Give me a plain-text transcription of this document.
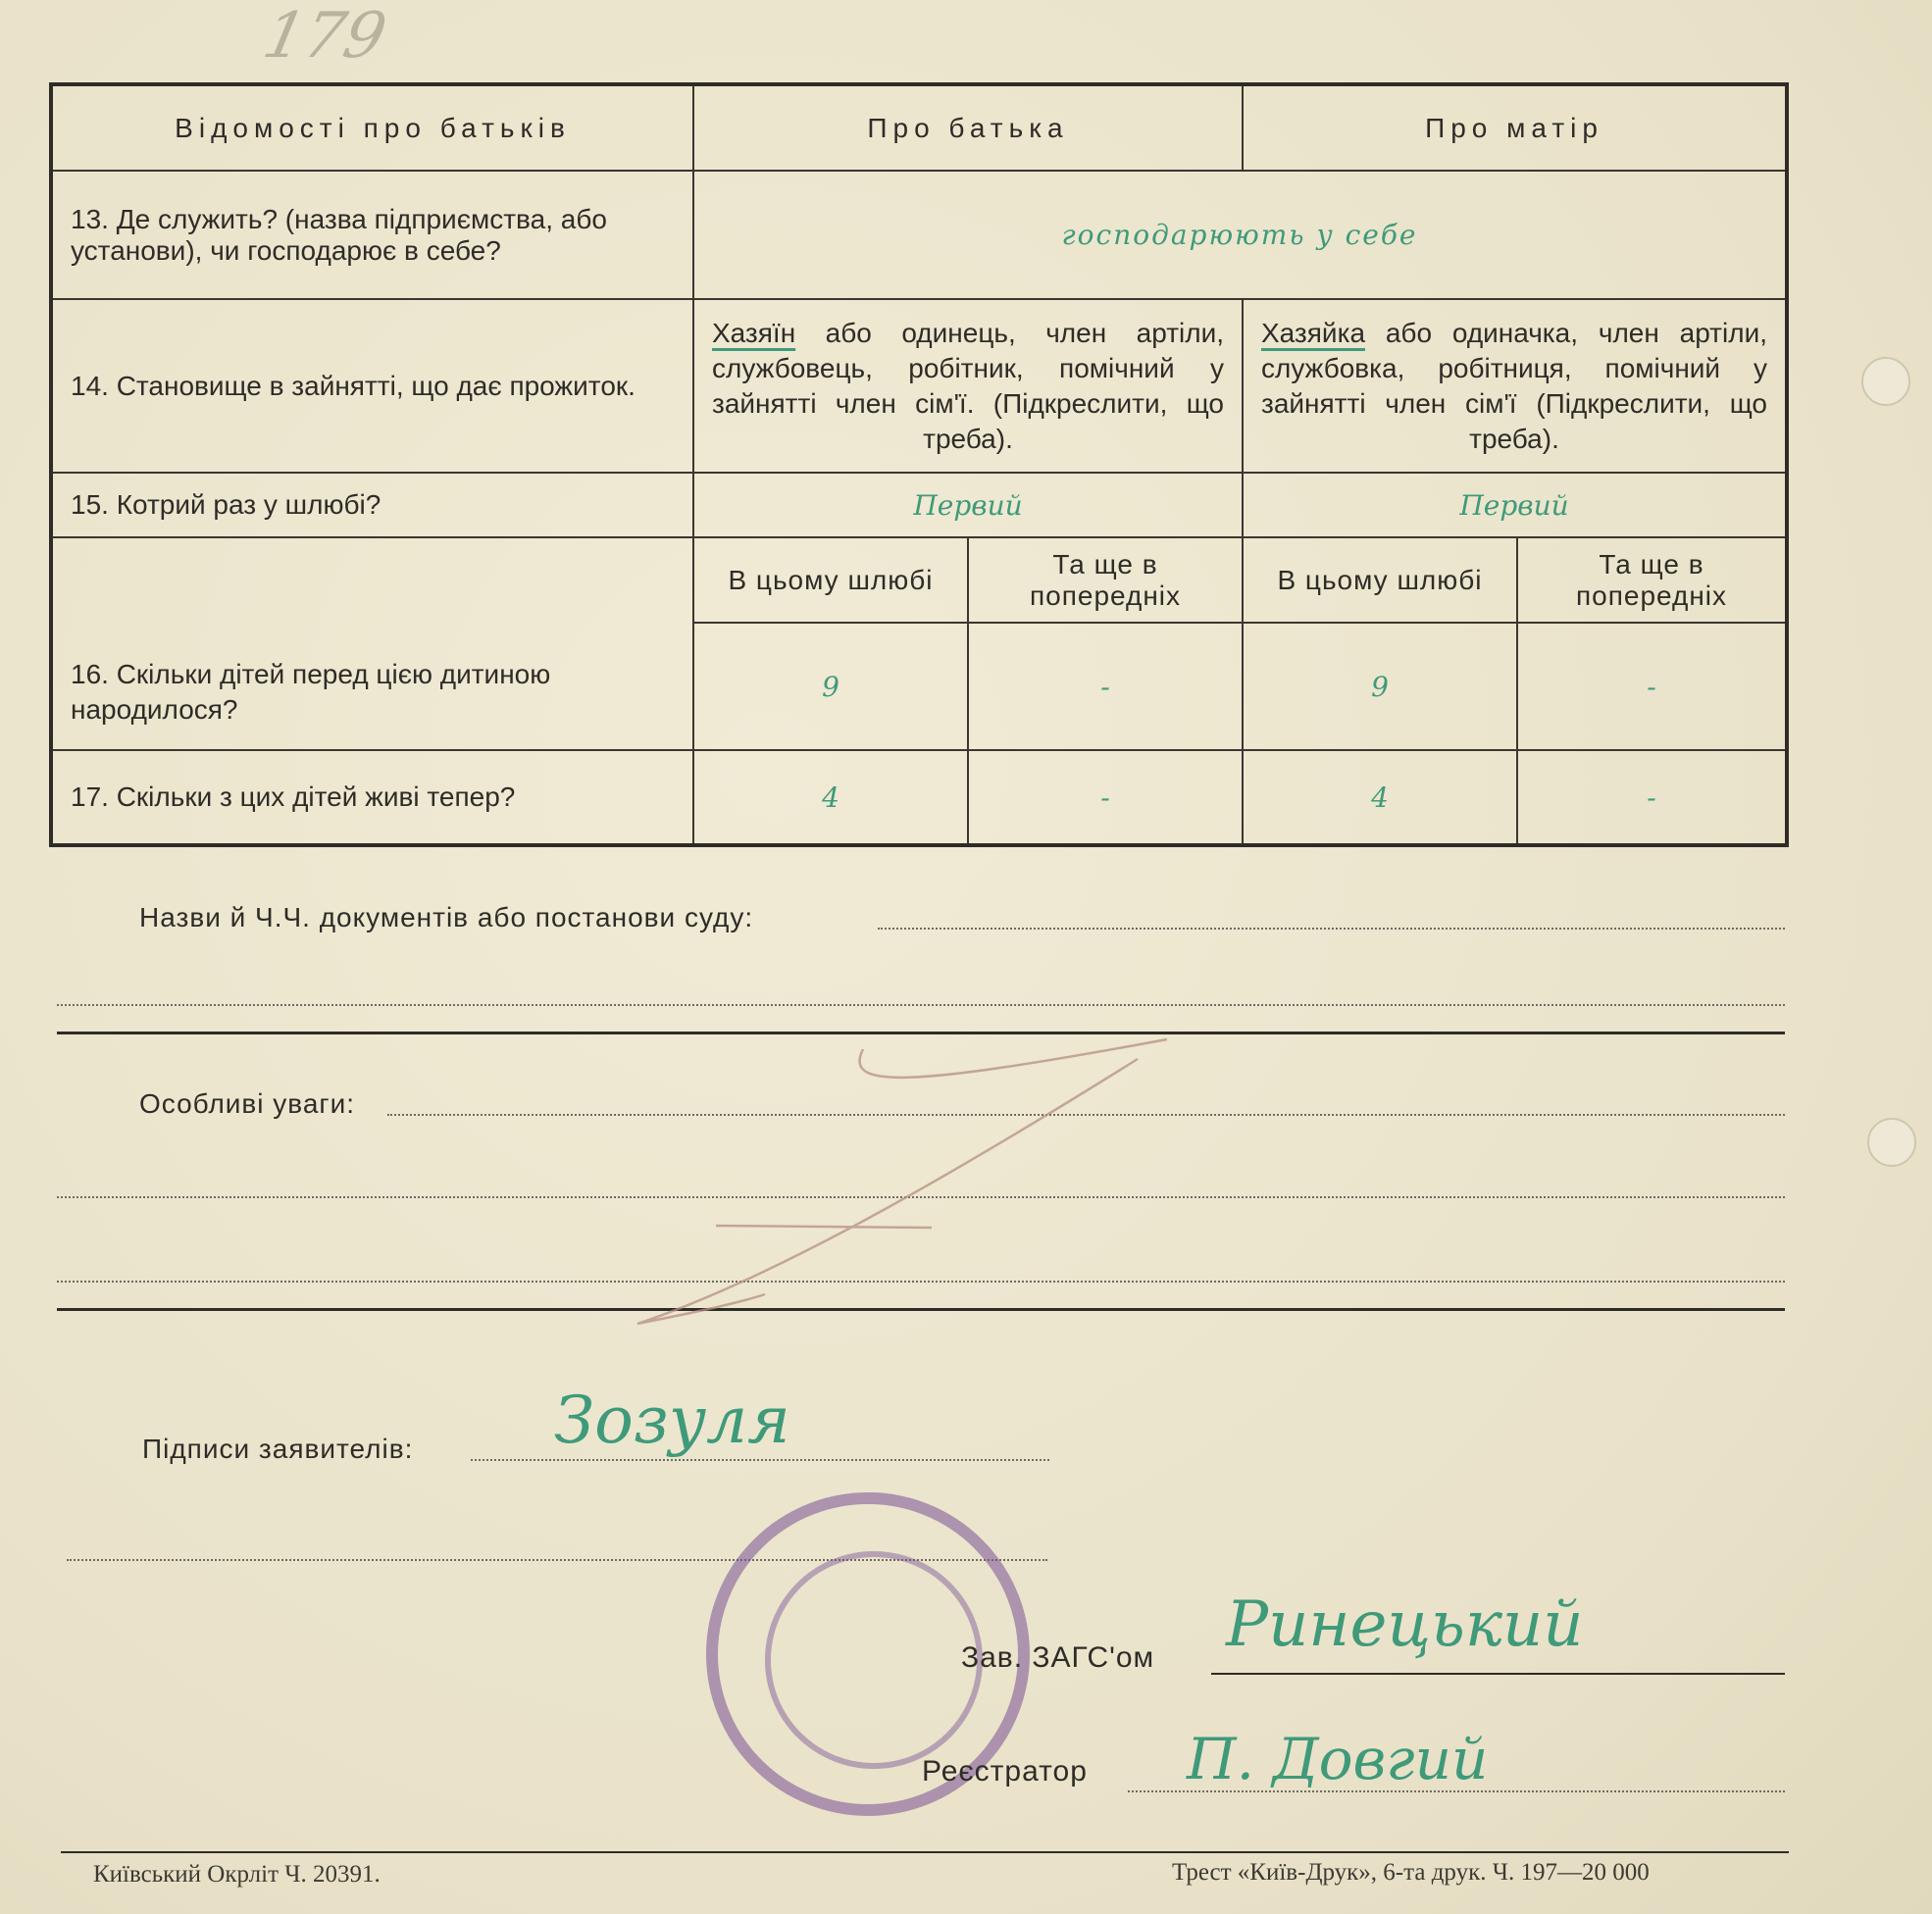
179
Відомості про батьків	Про батька		Про матір	
13. Де служить? (назва підприємства, або установи), чи господарює в себе?	господарюють у себе			
14. Становище в зайнятті, що дає прожиток.	Хазяїн або одинець, член артіли, службовець, робітник, помічний у зайнятті член сім'ї. (Підкреслити, що треба).		Хазяйка або одиначка, член артіли, службовка, робітниця, помічний у зайнятті член сім'ї (Підкреслити, що треба).	
15. Котрий раз у шлюбі?	Первий		Первий	
16. Скільки дітей перед цією дитиною народилося?	В цьому шлюбі	Та ще в попередніх	В цьому шлюбі	Та ще в попередніх
	9	-	9	-
17. Скільки з цих дітей живі тепер?	4	-	4	-
Назви й Ч.Ч. документів або постанови суду:
Особливі уваги:
Підписи заявителів: Зозуля
Зав. ЗАГС'ом Ринецький
Реєстратор П. Довгий
Київський Окрліт Ч. 20391.	Трест «Київ-Друк», 6-та друк. Ч. 197—20 000
